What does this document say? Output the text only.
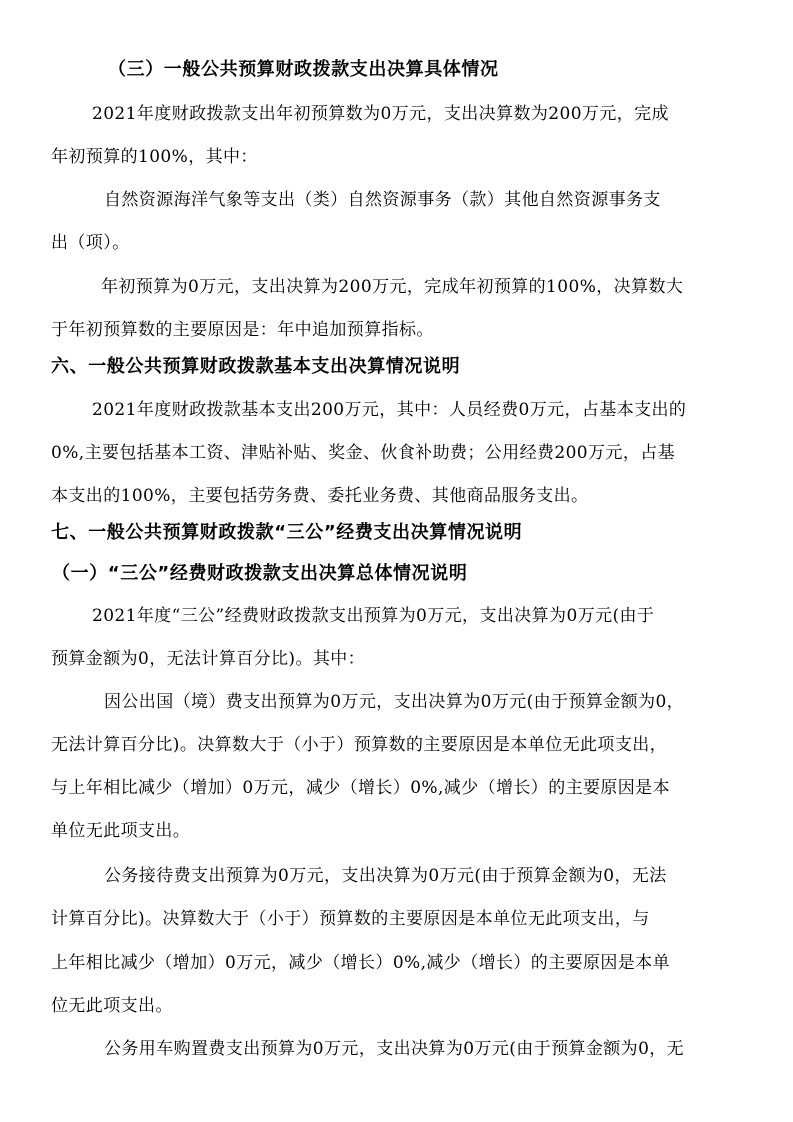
（三）一般公共预算财政拨款支出决算具体情况
2021年度财政拨款支出年初预算数为0万元，支出决算数为200万元，完成
年初预算的100%，其中：
自然资源海洋气象等支出（类）自然资源事务（款）其他自然资源事务支
出（项）。
年初预算为0万元，支出决算为200万元，完成年初预算的100%，决算数大
于年初预算数的主要原因是：年中追加预算指标。
六、一般公共预算财政拨款基本支出决算情况说明
2021年度财政拨款基本支出200万元，其中：人员经费0万元，占基本支出的
0%,主要包括基本工资、津贴补贴、奖金、伙食补助费；公用经费200万元，占基
本支出的100%，主要包括劳务费、委托业务费、其他商品服务支出。
七、一般公共预算财政拨款“三公”经费支出决算情况说明
（一）“三公”经费财政拨款支出决算总体情况说明
2021年度“三公”经费财政拨款支出预算为0万元，支出决算为0万元(由于
预算金额为0，无法计算百分比)。其中：
因公出国（境）费支出预算为0万元，支出决算为0万元(由于预算金额为0，
无法计算百分比)。决算数大于（小于）预算数的主要原因是本单位无此项支出，
与上年相比减少（增加）0万元，减少（增长）0%,减少（增长）的主要原因是本
单位无此项支出。
公务接待费支出预算为0万元，支出决算为0万元(由于预算金额为0，无法
计算百分比)。决算数大于（小于）预算数的主要原因是本单位无此项支出，与
上年相比减少（增加）0万元，减少（增长）0%,减少（增长）的主要原因是本单
位无此项支出。
公务用车购置费支出预算为0万元，支出决算为0万元(由于预算金额为0，无
